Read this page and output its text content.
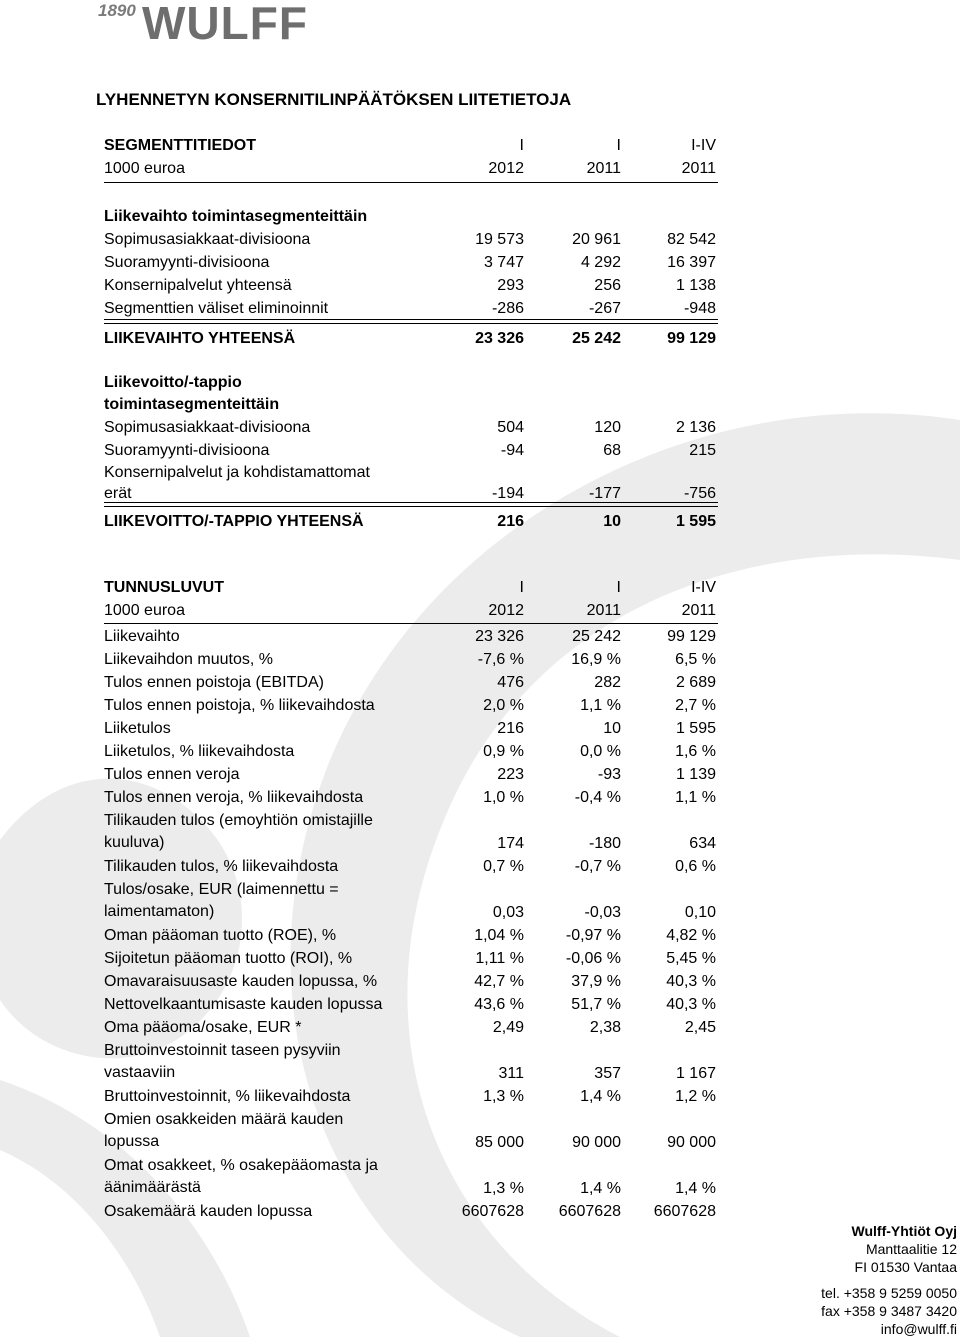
1890 WULFF
LYHENNETYN KONSERNITILINPÄÄTÖKSEN LIITETIETOJA
SEGMENTTITIEDOT	I	I	I-IV
1000 euroa	2012	2011	2011
Liikevaihto toimintasegmenteittäin
Sopimusasiakkaat-divisioona	19 573	20 961	82 542
Suoramyynti-divisioona	3 747	4 292	16 397
Konsernipalvelut yhteensä	293	256	1 138
Segmenttien väliset eliminoinnit	-286	-267	-948
LIIKEVAIHTO YHTEENSÄ	23 326	25 242	99 129
Liikevoitto/-tappio
toimintasegmenteittäin
Sopimusasiakkaat-divisioona	504	120	2 136
Suoramyynti-divisioona	-94	68	215
Konsernipalvelut ja kohdistamattomat
erät	-194	-177	-756
LIIKEVOITTO/-TAPPIO YHTEENSÄ	216	10	1 595
TUNNUSLUVUT	I	I	I-IV
1000 euroa	2012	2011	2011
Liikevaihto	23 326	25 242	99 129
Liikevaihdon muutos, %	-7,6 %	16,9 %	6,5 %
Tulos ennen poistoja (EBITDA)	476	282	2 689
Tulos ennen poistoja, % liikevaihdosta	2,0 %	1,1 %	2,7 %
Liiketulos	216	10	1 595
Liiketulos, % liikevaihdosta	0,9 %	0,0 %	1,6 %
Tulos ennen veroja	223	-93	1 139
Tulos ennen veroja, % liikevaihdosta	1,0 %	-0,4 %	1,1 %
Tilikauden tulos (emoyhtiön omistajille
kuuluva)	174	-180	634
Tilikauden tulos, % liikevaihdosta	0,7 %	-0,7 %	0,6 %
Tulos/osake, EUR (laimennettu =
laimentamaton)	0,03	-0,03	0,10
Oman pääoman tuotto (ROE), %	1,04 %	-0,97 %	4,82 %
Sijoitetun pääoman tuotto (ROI), %	1,11 %	-0,06 %	5,45 %
Omavaraisuusaste kauden lopussa, %	42,7 %	37,9 %	40,3 %
Nettovelkaantumisaste kauden lopussa	43,6 %	51,7 %	40,3 %
Oma pääoma/osake, EUR *	2,49	2,38	2,45
Bruttoinvestoinnit taseen pysyviin
vastaaviin	311	357	1 167
Bruttoinvestoinnit, % liikevaihdosta	1,3 %	1,4 %	1,2 %
Omien osakkeiden määrä kauden
lopussa	85 000	90 000	90 000
Omat osakkeet, % osakepääomasta ja
äänimäärästä	1,3 %	1,4 %	1,4 %
Osakemäärä kauden lopussa	6607628	6607628	6607628
Wulff-Yhtiöt Oyj
Manttaalitie 12
FI 01530 Vantaa
tel. +358 9 5259 0050
fax +358 9 3487 3420
info@wulff.fi
